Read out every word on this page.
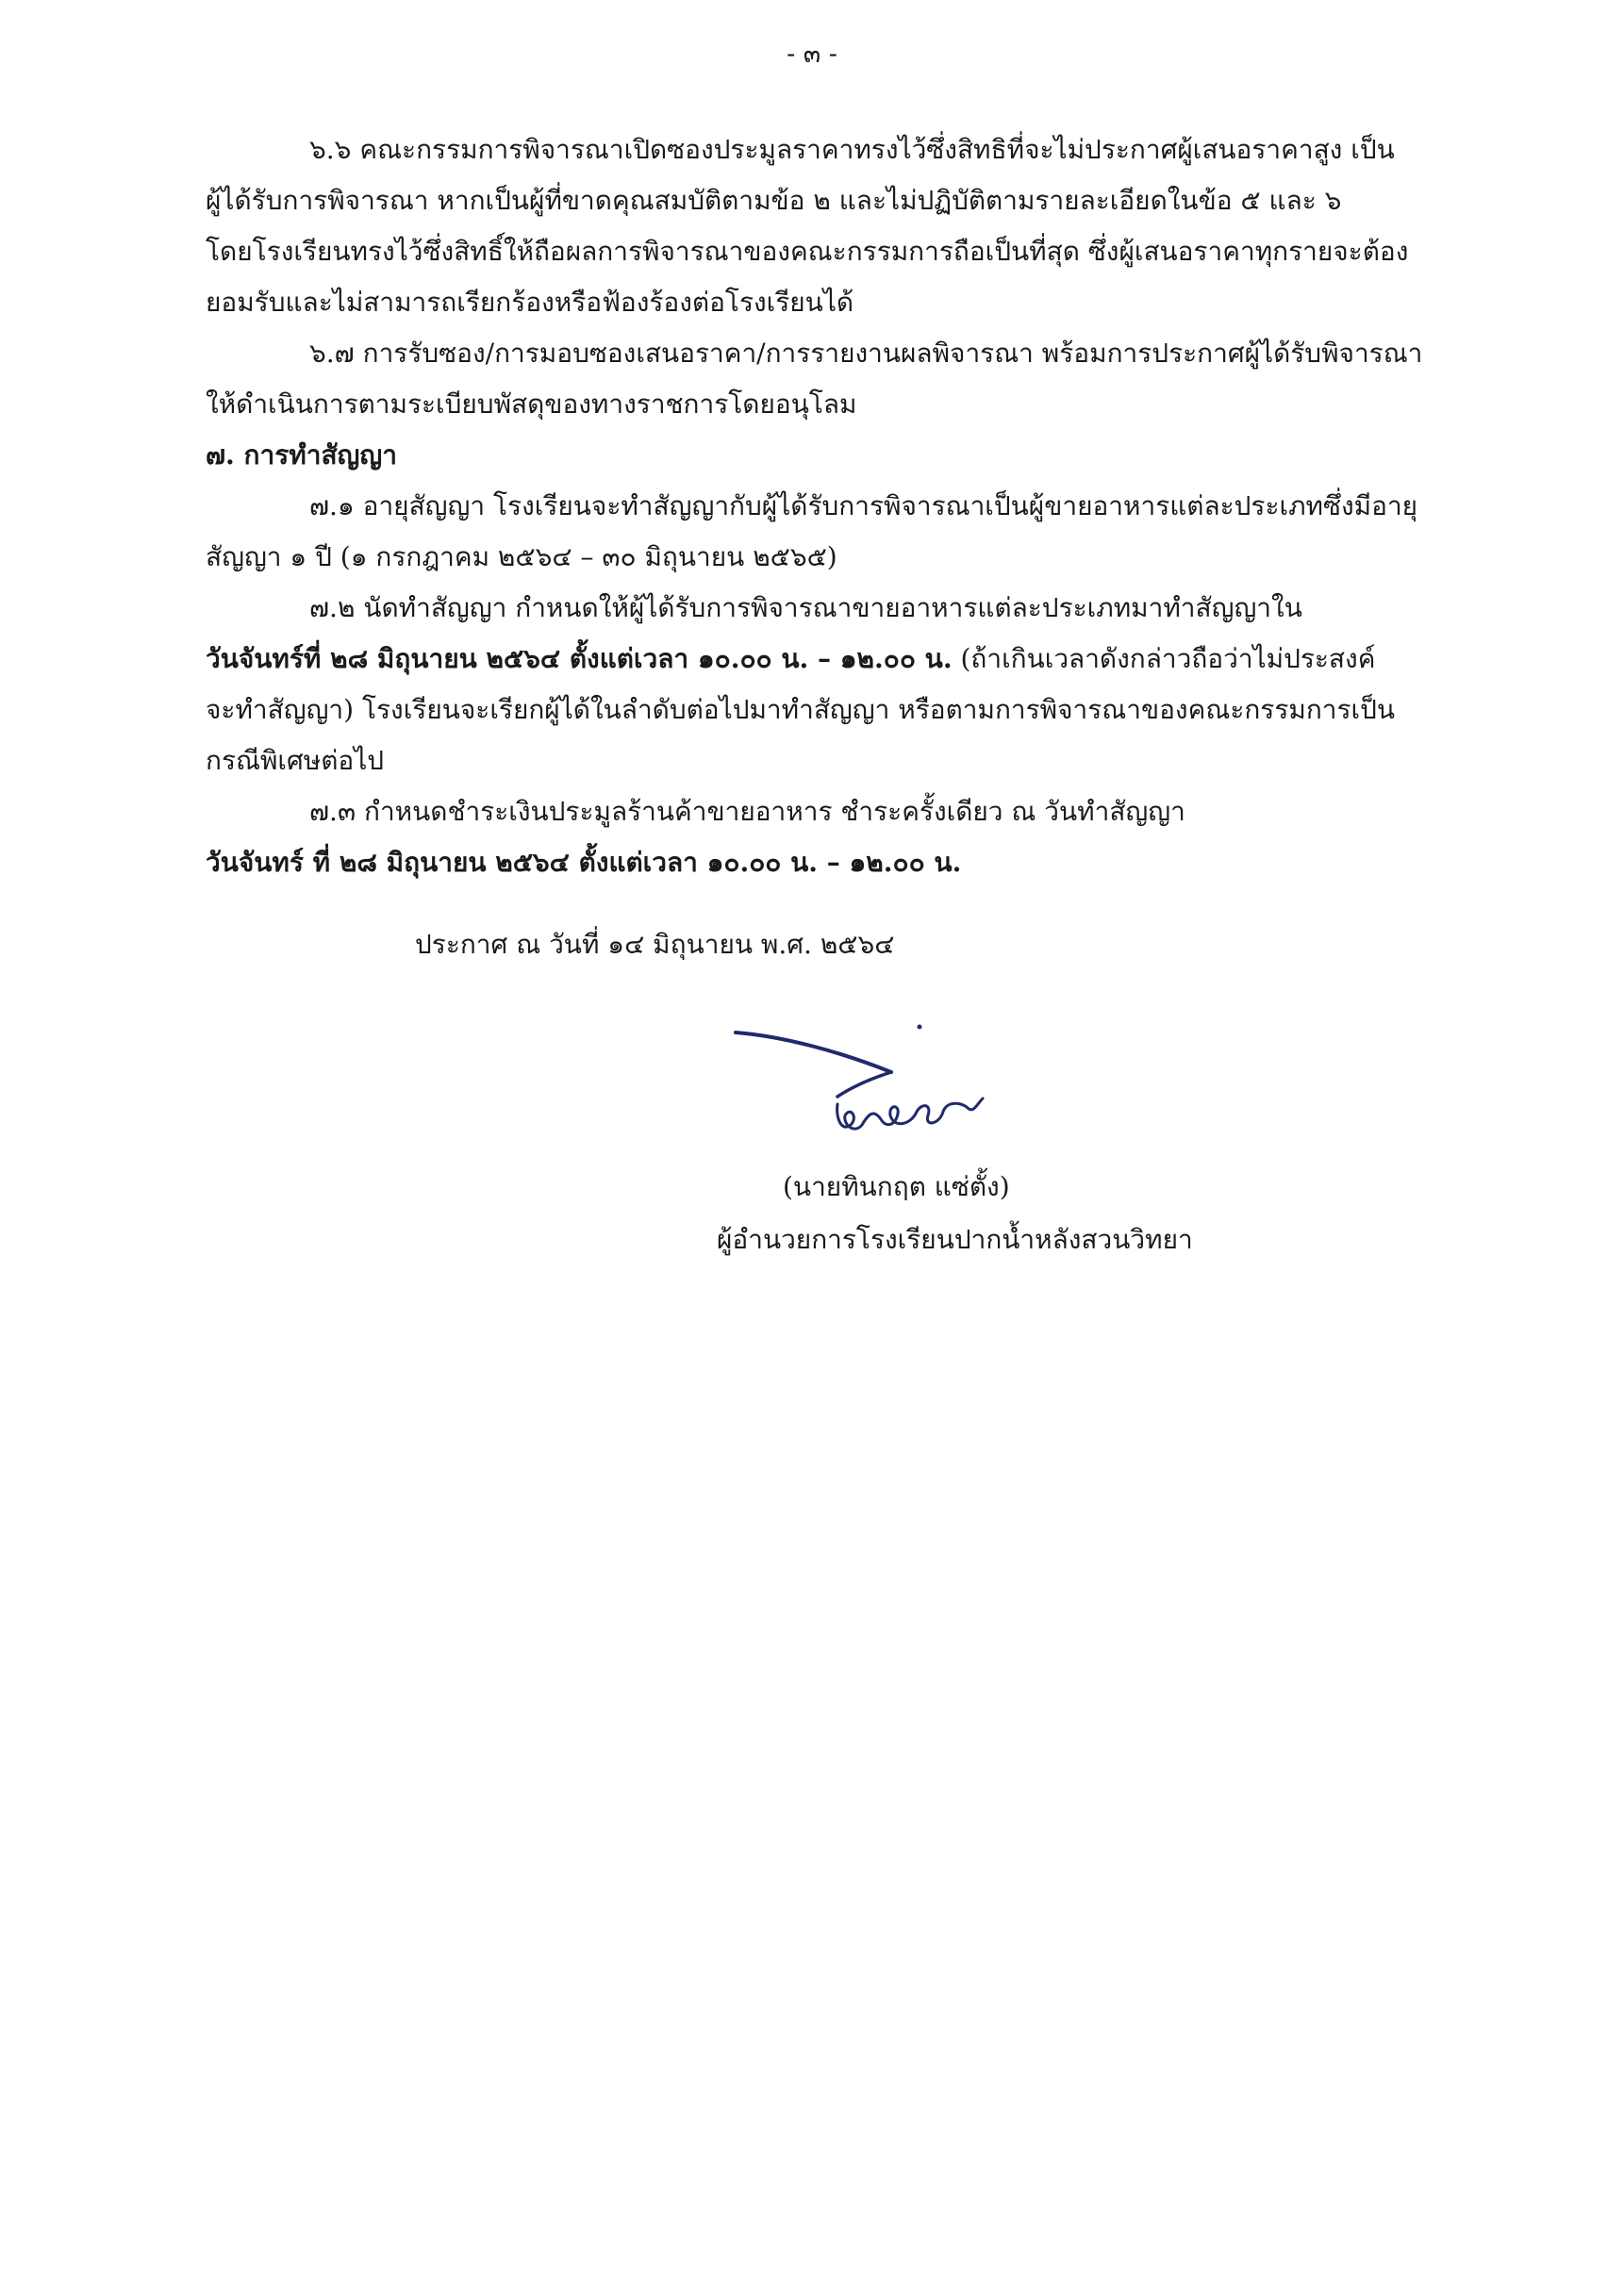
- ๓ -
๖.๖ คณะกรรมการพิจารณาเปิดซองประมูลราคาทรงไว้ซึ่งสิทธิที่จะไม่ประกาศผู้เสนอราคาสูง เป็น
ผู้ได้รับการพิจารณา หากเป็นผู้ที่ขาดคุณสมบัติตามข้อ ๒ และไม่ปฏิบัติตามรายละเอียดในข้อ ๕ และ ๖
โดยโรงเรียนทรงไว้ซึ่งสิทธิ์ให้ถือผลการพิจารณาของคณะกรรมการถือเป็นที่สุด ซึ่งผู้เสนอราคาทุกรายจะต้อง
ยอมรับและไม่สามารถเรียกร้องหรือฟ้องร้องต่อโรงเรียนได้
๖.๗ การรับซอง/การมอบซองเสนอราคา/การรายงานผลพิจารณา พร้อมการประกาศผู้ได้รับพิจารณา
ให้ดำเนินการตามระเบียบพัสดุของทางราชการโดยอนุโลม
๗. การทำสัญญา
๗.๑ อายุสัญญา โรงเรียนจะทำสัญญากับผู้ได้รับการพิจารณาเป็นผู้ขายอาหารแต่ละประเภทซึ่งมีอายุ
สัญญา ๑ ปี (๑ กรกฎาคม ๒๕๖๔ – ๓๐ มิถุนายน ๒๕๖๕)
๗.๒ นัดทำสัญญา กำหนดให้ผู้ได้รับการพิจารณาขายอาหารแต่ละประเภทมาทำสัญญาใน
วันจันทร์ที่ ๒๘ มิถุนายน ๒๕๖๔ ตั้งแต่เวลา ๑๐.๐๐ น. – ๑๒.๐๐ น. (ถ้าเกินเวลาดังกล่าวถือว่าไม่ประสงค์
จะทำสัญญา) โรงเรียนจะเรียกผู้ได้ในลำดับต่อไปมาทำสัญญา หรือตามการพิจารณาของคณะกรรมการเป็น
กรณีพิเศษต่อไป
๗.๓ กำหนดชำระเงินประมูลร้านค้าขายอาหาร ชำระครั้งเดียว ณ วันทำสัญญา
วันจันทร์ ที่ ๒๘ มิถุนายน ๒๕๖๔ ตั้งแต่เวลา ๑๐.๐๐ น. – ๑๒.๐๐ น.
ประกาศ ณ วันที่ ๑๔ มิถุนายน พ.ศ. ๒๕๖๔
(นายทินกฤต แซ่ตั้ง)
ผู้อำนวยการโรงเรียนปากน้ำหลังสวนวิทยา
